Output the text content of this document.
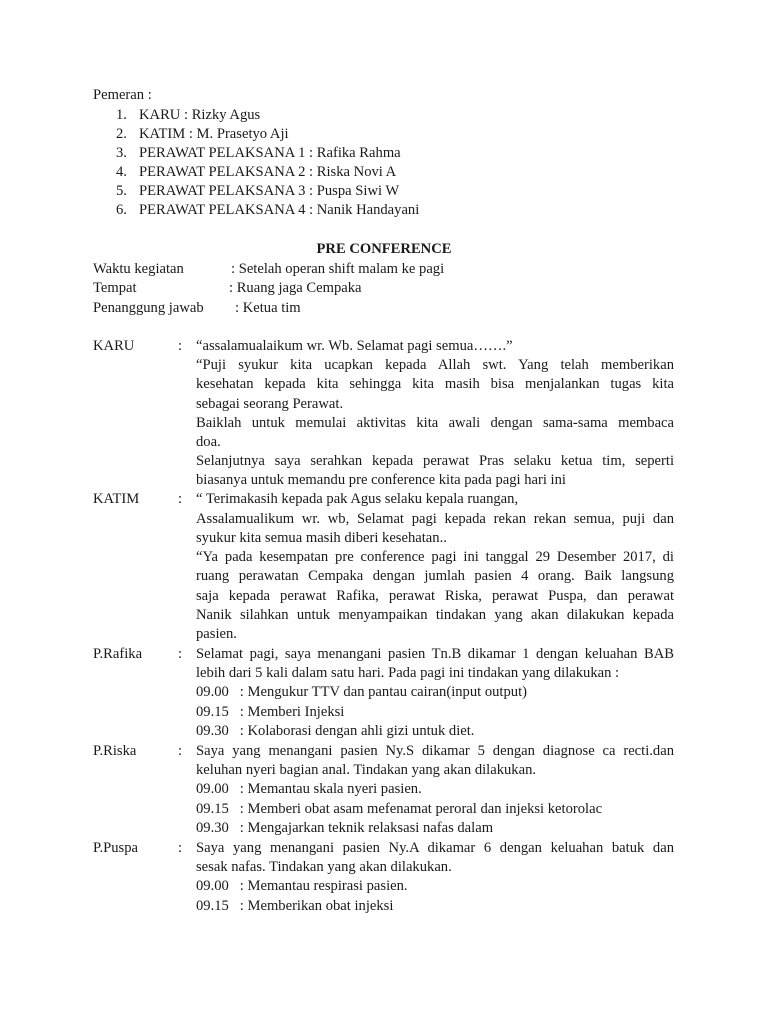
Pemeran :
1. KARU : Rizky Agus
2. KATIM : M. Prasetyo Aji
3. PERAWAT PELAKSANA 1 : Rafika Rahma
4. PERAWAT PELAKSANA 2 : Riska Novi A
5. PERAWAT PELAKSANA 3 : Puspa Siwi W
6. PERAWAT PELAKSANA 4 : Nanik Handayani
PRE CONFERENCE
Waktu kegiatan	: Setelah operan shift malam ke pagi
Tempat	: Ruang jaga Cempaka
Penanggung jawab : Ketua tim
KARU	: “assalamualaikum wr. Wb. Selamat pagi semua…….”
“Puji syukur kita ucapkan kepada Allah swt. Yang telah memberikan
kesehatan kepada kita sehingga kita masih bisa menjalankan tugas kita
sebagai seorang Perawat.
Baiklah untuk memulai aktivitas kita awali dengan sama-sama membaca
doa.
Selanjutnya saya serahkan kepada perawat Pras selaku ketua tim, seperti
biasanya untuk memandu pre conference kita pada pagi hari ini
KATIM	: “ Terimakasih kepada pak Agus selaku kepala ruangan,
Assalamualikum wr. wb, Selamat pagi kepada rekan rekan semua, puji dan
syukur kita semua masih diberi kesehatan..
“Ya pada kesempatan pre conference pagi ini tanggal 29 Desember 2017, di
ruang perawatan Cempaka dengan jumlah pasien 4 orang. Baik langsung
saja kepada perawat Rafika, perawat Riska, perawat Puspa, dan perawat
Nanik silahkan untuk menyampaikan tindakan yang akan dilakukan kepada
pasien.
P.Rafika : Selamat pagi, saya menangani pasien Tn.B dikamar 1 dengan keluahan BAB
lebih dari 5 kali dalam satu hari. Pada pagi ini tindakan yang dilakukan :
09.00   : Mengukur TTV dan pantau cairan(input output)
09.15   : Memberi Injeksi
09.30   : Kolaborasi dengan ahli gizi untuk diet.
P.Riska	: Saya yang menangani pasien Ny.S dikamar 5 dengan diagnose ca recti.dan
keluhan nyeri bagian anal. Tindakan yang akan dilakukan.
09.00   : Memantau skala nyeri pasien.
09.15   : Memberi obat asam mefenamat peroral dan injeksi ketorolac
09.30   : Mengajarkan teknik relaksasi nafas dalam
P.Puspa	: Saya yang menangani pasien Ny.A dikamar 6 dengan keluahan batuk dan
sesak nafas. Tindakan yang akan dilakukan.
09.00   : Memantau respirasi pasien.
09.15   : Memberikan obat injeksi
